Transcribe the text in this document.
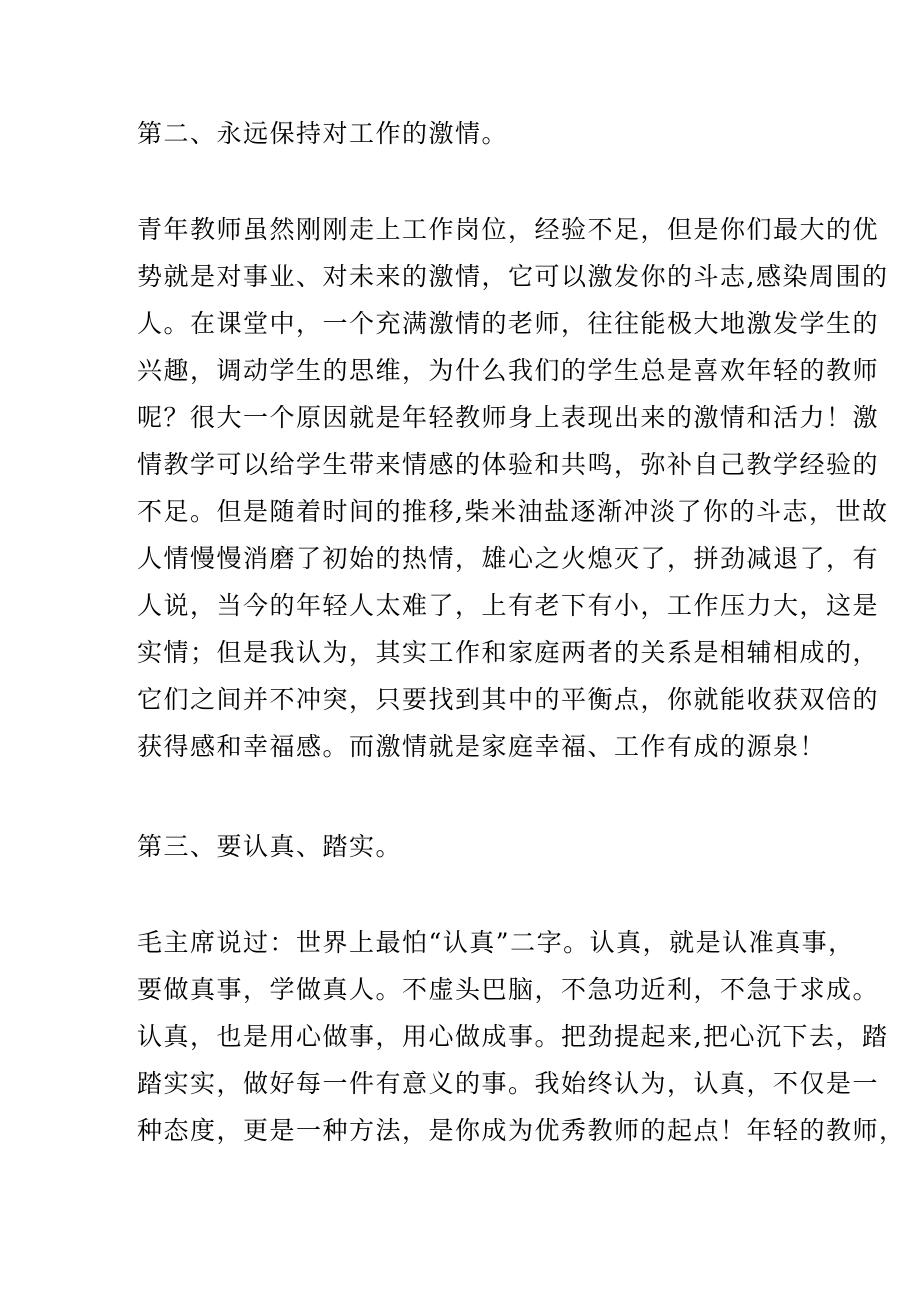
第二、永远保持对工作的激情。
青年教师虽然刚刚走上工作岗位，经验不足，但是你们最大的优
势就是对事业、对未来的激情，它可以激发你的斗志,感染周围的
人。在课堂中，一个充满激情的老师，往往能极大地激发学生的
兴趣，调动学生的思维，为什么我们的学生总是喜欢年轻的教师
呢？很大一个原因就是年轻教师身上表现出来的激情和活力！激
情教学可以给学生带来情感的体验和共鸣，弥补自己教学经验的
不足。但是随着时间的推移,柴米油盐逐渐冲淡了你的斗志，世故
人情慢慢消磨了初始的热情，雄心之火熄灭了，拼劲减退了，有
人说，当今的年轻人太难了，上有老下有小，工作压力大，这是
实情；但是我认为，其实工作和家庭两者的关系是相辅相成的，
它们之间并不冲突，只要找到其中的平衡点，你就能收获双倍的
获得感和幸福感。而激情就是家庭幸福、工作有成的源泉！
第三、要认真、踏实。
毛主席说过：世界上最怕“认真”二字。认真，就是认准真事，
要做真事，学做真人。不虚头巴脑，不急功近利，不急于求成。
认真，也是用心做事，用心做成事。把劲提起来,把心沉下去，踏
踏实实，做好每一件有意义的事。我始终认为，认真，不仅是一
种态度，更是一种方法，是你成为优秀教师的起点！年轻的教师，
